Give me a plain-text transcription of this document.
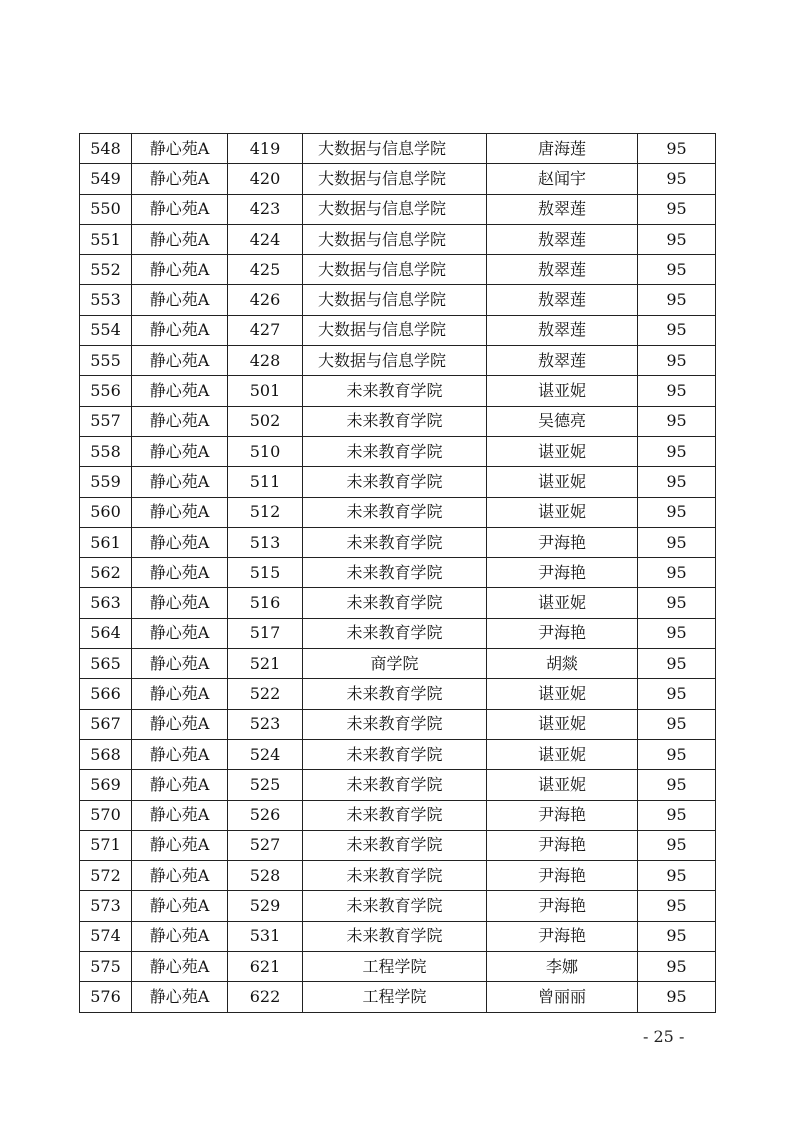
548	静心苑A	419	大数据与信息学院	唐海莲	95
549	静心苑A	420	大数据与信息学院	赵闻宇	95
550	静心苑A	423	大数据与信息学院	敖翠莲	95
551	静心苑A	424	大数据与信息学院	敖翠莲	95
552	静心苑A	425	大数据与信息学院	敖翠莲	95
553	静心苑A	426	大数据与信息学院	敖翠莲	95
554	静心苑A	427	大数据与信息学院	敖翠莲	95
555	静心苑A	428	大数据与信息学院	敖翠莲	95
556	静心苑A	501	未来教育学院	谌亚妮	95
557	静心苑A	502	未来教育学院	吴德亮	95
558	静心苑A	510	未来教育学院	谌亚妮	95
559	静心苑A	511	未来教育学院	谌亚妮	95
560	静心苑A	512	未来教育学院	谌亚妮	95
561	静心苑A	513	未来教育学院	尹海艳	95
562	静心苑A	515	未来教育学院	尹海艳	95
563	静心苑A	516	未来教育学院	谌亚妮	95
564	静心苑A	517	未来教育学院	尹海艳	95
565	静心苑A	521	商学院	胡燚	95
566	静心苑A	522	未来教育学院	谌亚妮	95
567	静心苑A	523	未来教育学院	谌亚妮	95
568	静心苑A	524	未来教育学院	谌亚妮	95
569	静心苑A	525	未来教育学院	谌亚妮	95
570	静心苑A	526	未来教育学院	尹海艳	95
571	静心苑A	527	未来教育学院	尹海艳	95
572	静心苑A	528	未来教育学院	尹海艳	95
573	静心苑A	529	未来教育学院	尹海艳	95
574	静心苑A	531	未来教育学院	尹海艳	95
575	静心苑A	621	工程学院	李娜	95
576	静心苑A	622	工程学院	曾丽丽	95
- 25 -
